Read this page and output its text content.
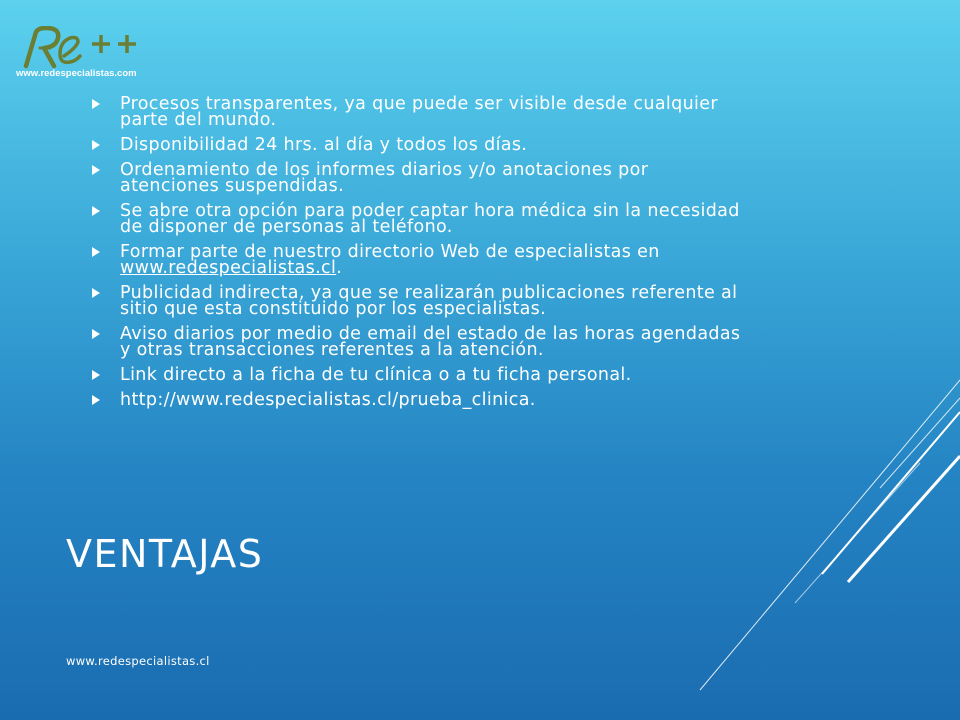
www.redespecialistas.com
Procesos transparentes, ya que puede ser visible desde cualquier parte del mundo.
Disponibilidad 24 hrs. al día y todos los días.
Ordenamiento de los informes diarios y/o anotaciones por atenciones suspendidas.
Se abre otra opción para poder captar hora médica sin la necesidad de disponer de personas al teléfono.
Formar parte de nuestro directorio Web de especialistas en www.redespecialistas.cl.
Publicidad indirecta, ya que se realizarán publicaciones referente al sitio que esta constituido por los especialistas.
Aviso diarios por medio de email del estado de las horas agendadas y otras transacciones referentes a la atención.
Link directo a la ficha de tu clínica o a tu ficha personal.
http://www.redespecialistas.cl/prueba_clinica.
VENTAJAS
www.redespecialistas.cl
